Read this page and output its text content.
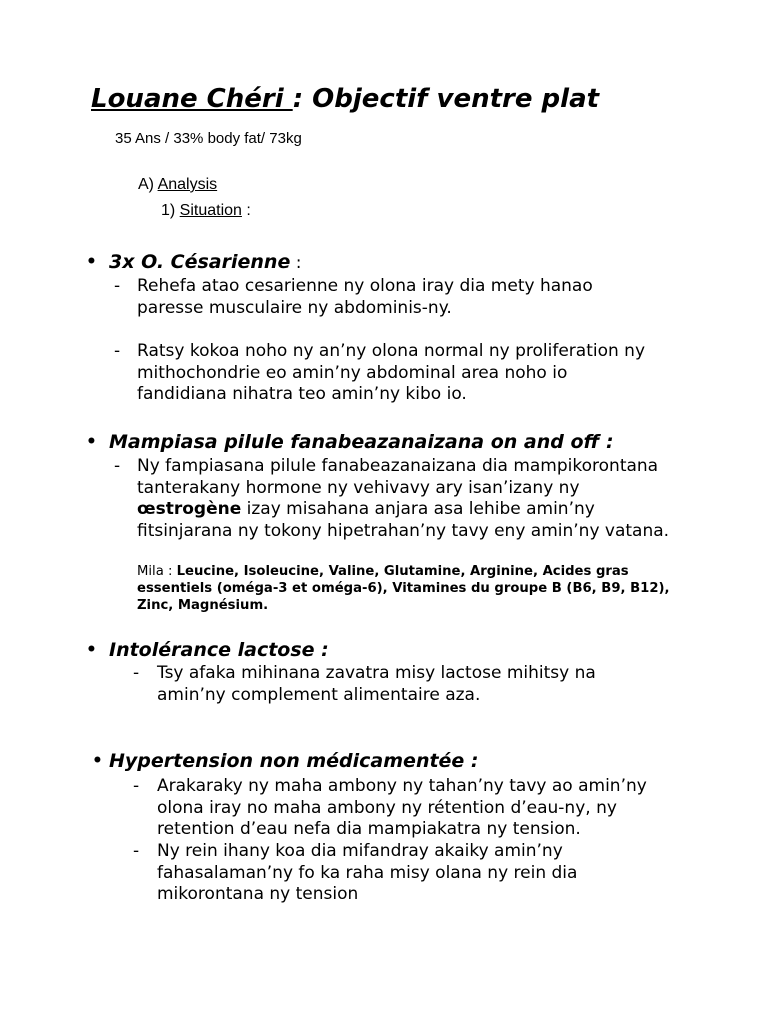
Louane Chéri : Objectif ventre plat
35 Ans / 33% body fat/ 73kg
A) Analysis
1) Situation :
• 3x O. Césarienne :
- Rehefa atao cesarienne ny olona iray dia mety hanao paresse musculaire ny abdominis-ny.
- Ratsy kokoa noho ny an’ny olona normal ny proliferation ny mithochondrie eo amin’ny abdominal area noho io fandidiana nihatra teo amin’ny kibo io.
• Mampiasa pilule fanabeazanaizana on and off :
- Ny fampiasana pilule fanabeazanaizana dia mampikorontana tanterakany hormone ny vehivavy ary isan’izany ny œstrogène izay misahana anjara asa lehibe amin’ny fitsinjarana ny tokony hipetrahan’ny tavy eny amin’ny vatana.
Mila : Leucine, Isoleucine, Valine, Glutamine, Arginine, Acides gras essentiels (oméga-3 et oméga-6), Vitamines du groupe B (B6, B9, B12), Zinc, Magnésium.
• Intolérance lactose :
- Tsy afaka mihinana zavatra misy lactose mihitsy na amin’ny complement alimentaire aza.
• Hypertension non médicamentée :
- Arakaraky ny maha ambony ny tahan’ny tavy ao amin’ny olona iray no maha ambony ny rétention d’eau-ny, ny retention d’eau nefa dia mampiakatra ny tension.
- Ny rein ihany koa dia mifandray akaiky amin’ny fahasalaman’ny fo ka raha misy olana ny rein dia mikorontana ny tension
